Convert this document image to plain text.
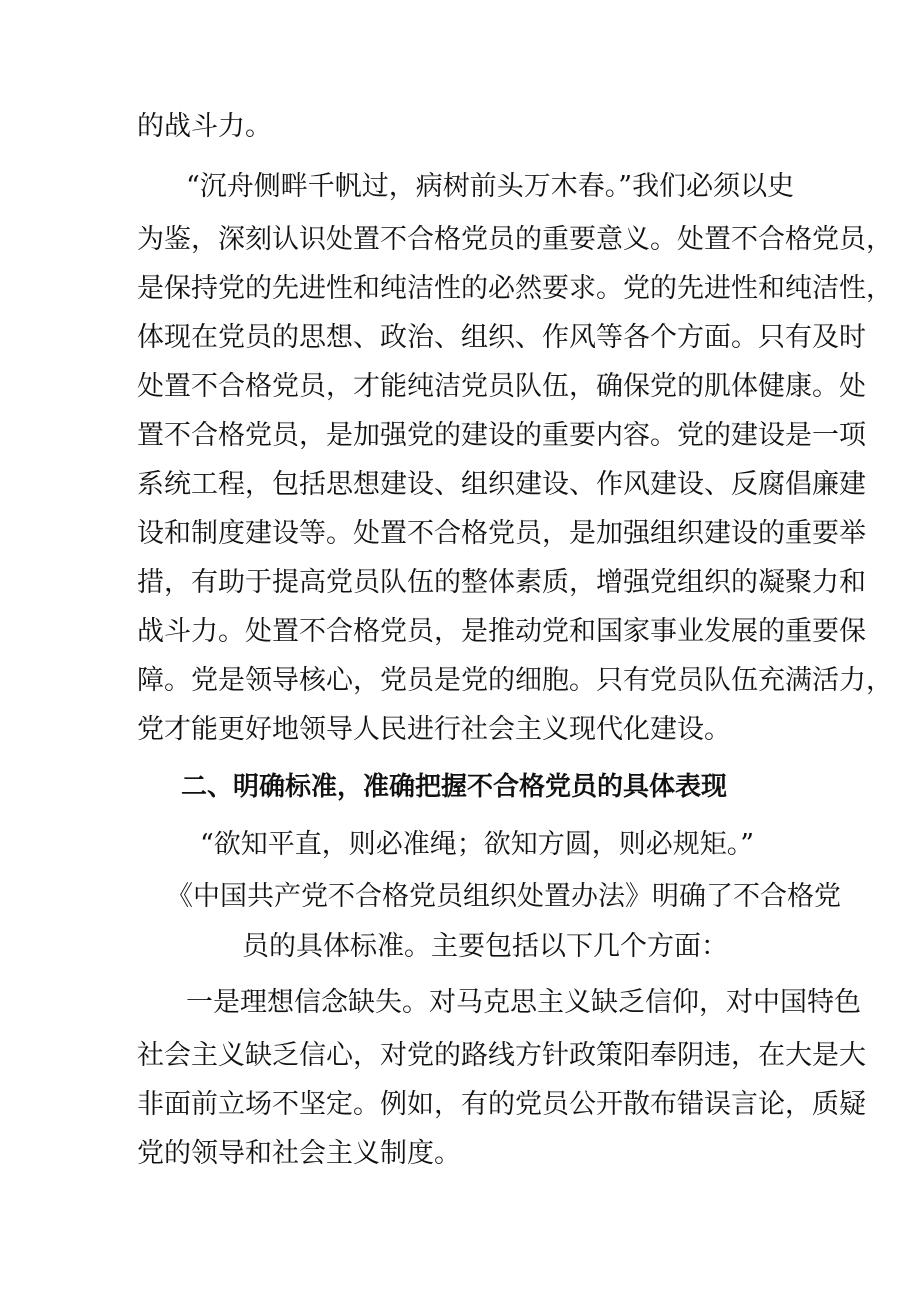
的战斗力。

“沉舟侧畔千帆过，病树前头万木春。”我们必须以史

为鉴，深刻认识处置不合格党员的重要意义。处置不合格党员，

是保持党的先进性和纯洁性的必然要求。党的先进性和纯洁性，

体现在党员的思想、政治、组织、作风等各个方面。只有及时

处置不合格党员，才能纯洁党员队伍，确保党的肌体健康。处

置不合格党员，是加强党的建设的重要内容。党的建设是一项

系统工程，包括思想建设、组织建设、作风建设、反腐倡廉建

设和制度建设等。处置不合格党员，是加强组织建设的重要举

措，有助于提高党员队伍的整体素质，增强党组织的凝聚力和

战斗力。处置不合格党员，是推动党和国家事业发展的重要保

障。党是领导核心，党员是党的细胞。只有党员队伍充满活力，

党才能更好地领导人民进行社会主义现代化建设。

二、明确标准，准确把握不合格党员的具体表现

“欲知平直，则必准绳；欲知方圆，则必规矩。”

《中国共产党不合格党员组织处置办法》明确了不合格党

员的具体标准。主要包括以下几个方面：

一是理想信念缺失。对马克思主义缺乏信仰，对中国特色

社会主义缺乏信心，对党的路线方针政策阳奉阴违，在大是大

非面前立场不坚定。例如，有的党员公开散布错误言论，质疑

党的领导和社会主义制度。
